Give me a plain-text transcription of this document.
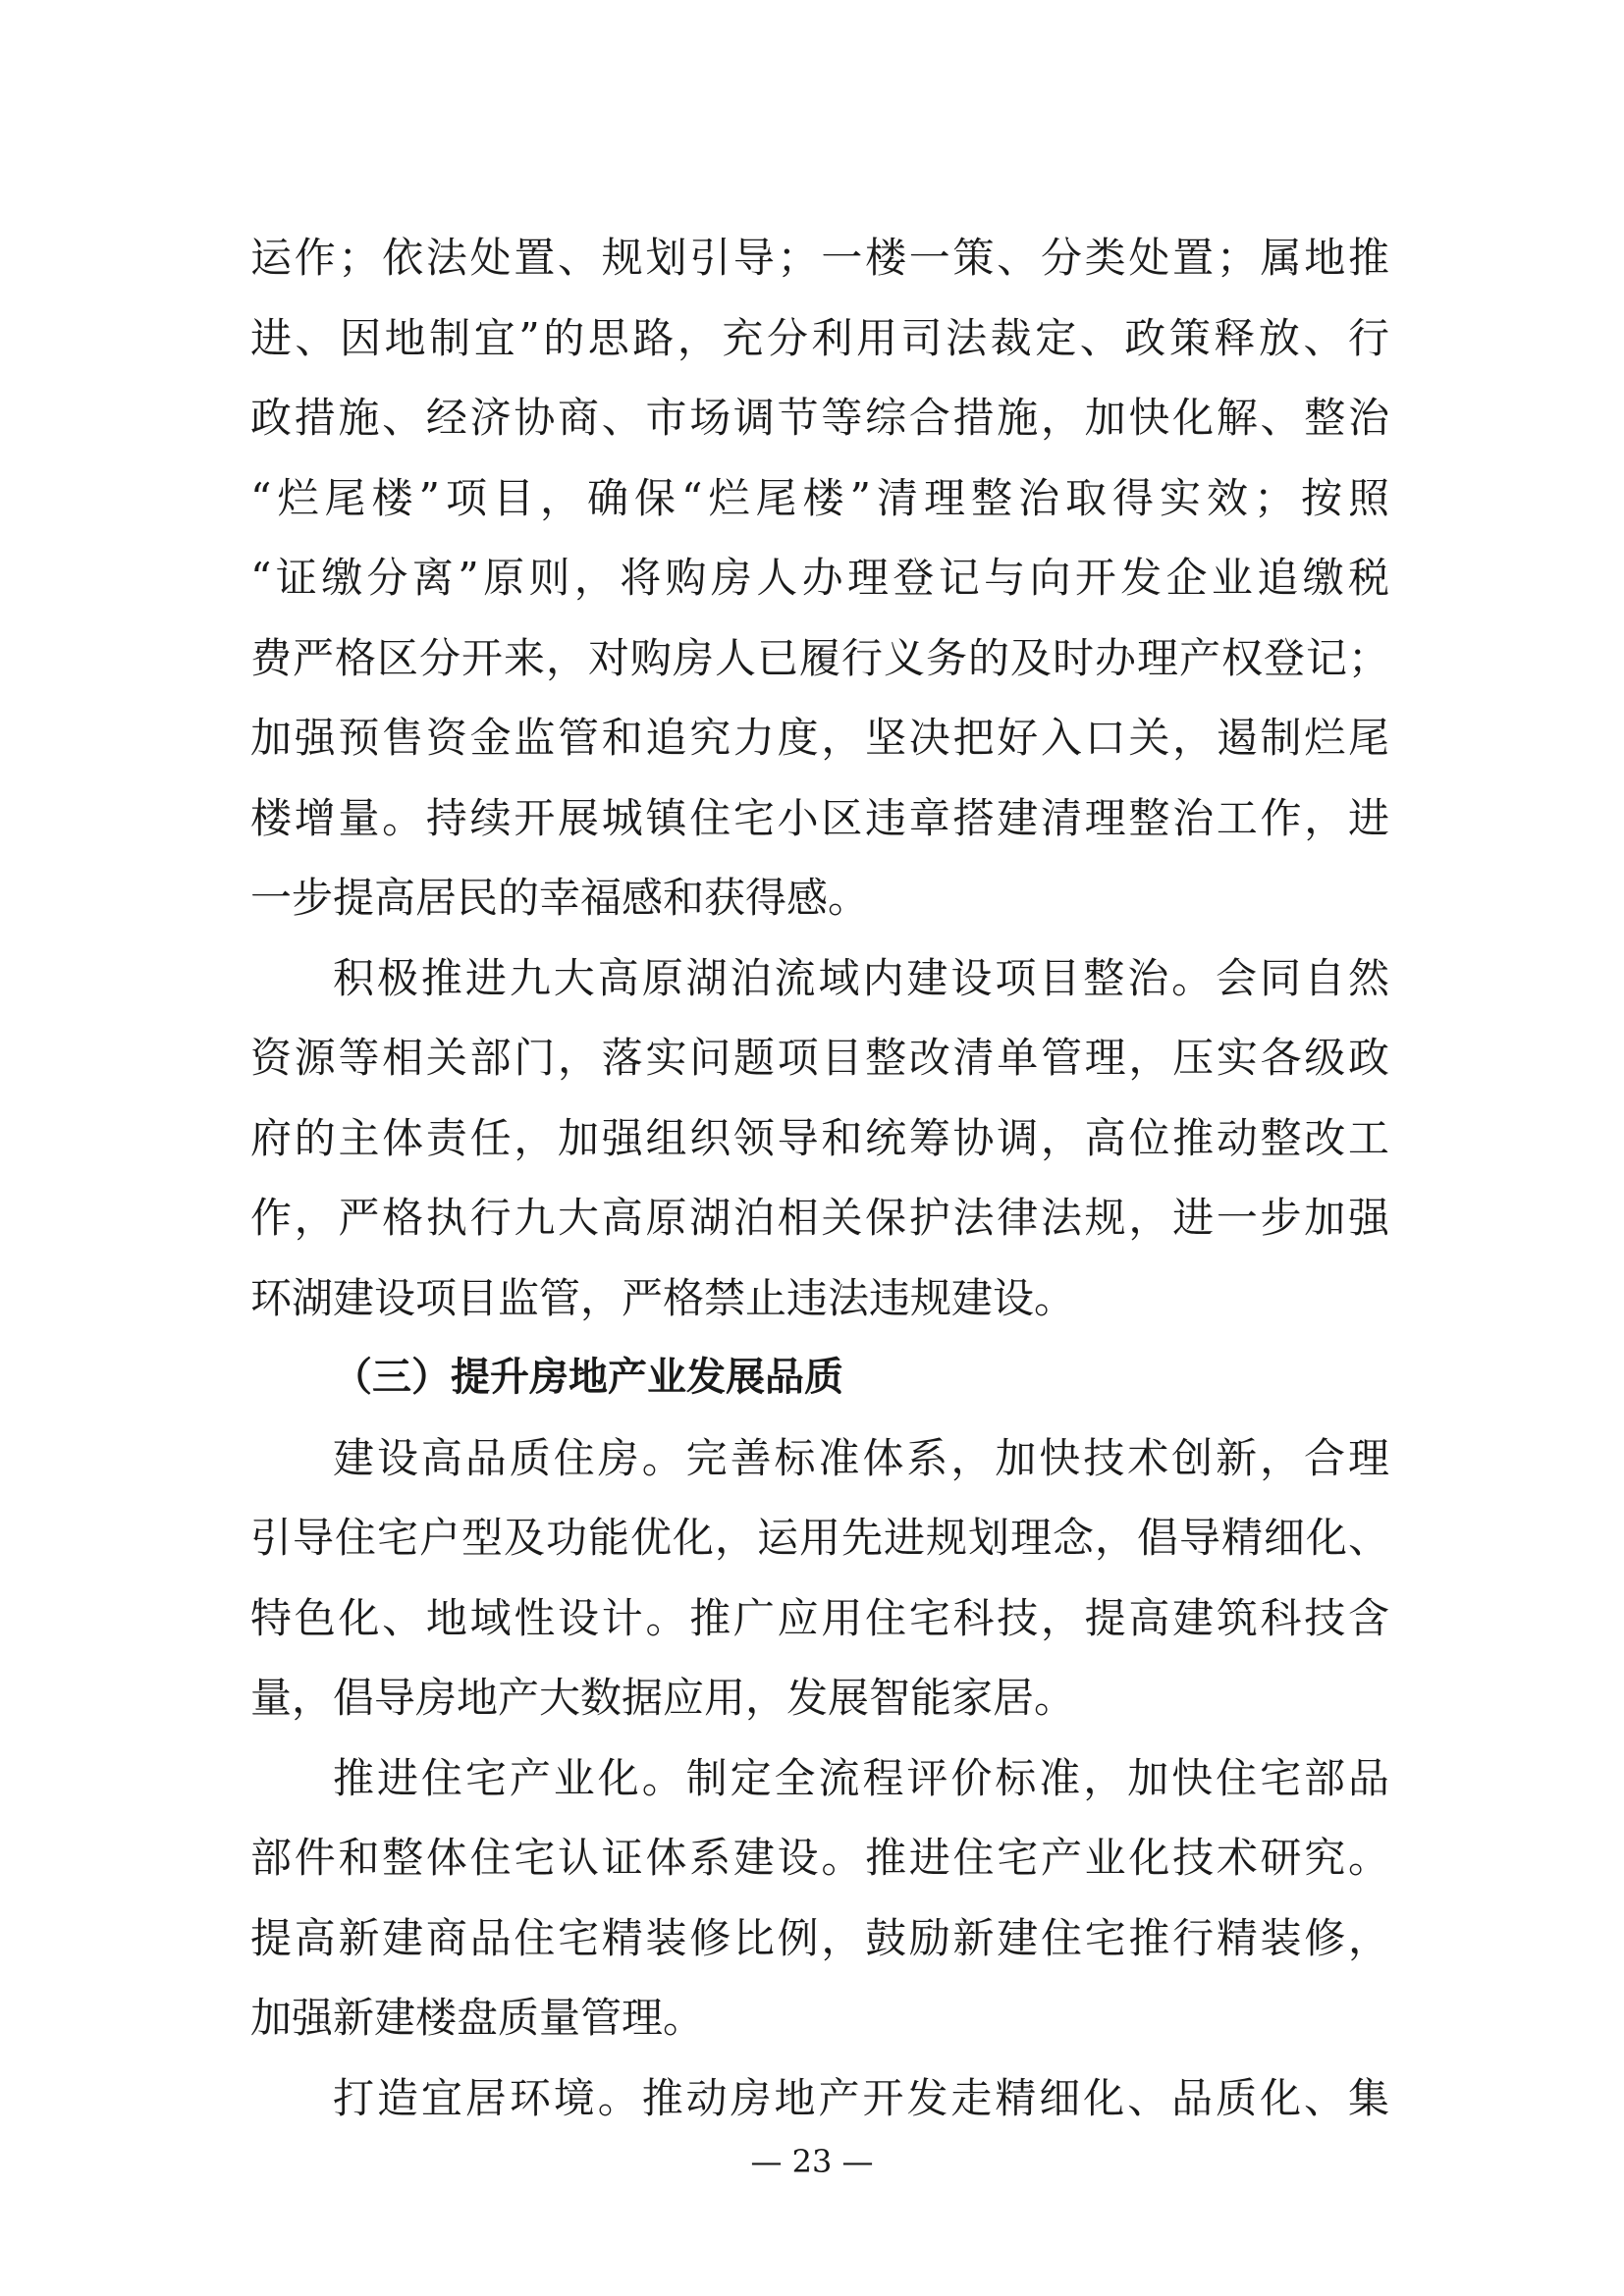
运作；依法处置、规划引导；一楼一策、分类处置；属地推
进、因地制宜”的思路，充分利用司法裁定、政策释放、行
政措施、经济协商、市场调节等综合措施，加快化解、整治
“烂尾楼”项目，确保“烂尾楼”清理整治取得实效；按照
“证缴分离”原则，将购房人办理登记与向开发企业追缴税
费严格区分开来，对购房人已履行义务的及时办理产权登记；
加强预售资金监管和追究力度，坚决把好入口关，遏制烂尾
楼增量。持续开展城镇住宅小区违章搭建清理整治工作，进
一步提高居民的幸福感和获得感。
积极推进九大高原湖泊流域内建设项目整治。会同自然
资源等相关部门，落实问题项目整改清单管理，压实各级政
府的主体责任，加强组织领导和统筹协调，高位推动整改工
作，严格执行九大高原湖泊相关保护法律法规，进一步加强
环湖建设项目监管，严格禁止违法违规建设。
（三）提升房地产业发展品质
建设高品质住房。完善标准体系，加快技术创新，合理
引导住宅户型及功能优化，运用先进规划理念，倡导精细化、
特色化、地域性设计。推广应用住宅科技，提高建筑科技含
量，倡导房地产大数据应用，发展智能家居。
推进住宅产业化。制定全流程评价标准，加快住宅部品
部件和整体住宅认证体系建设。推进住宅产业化技术研究。
提高新建商品住宅精装修比例，鼓励新建住宅推行精装修，
加强新建楼盘质量管理。
打造宜居环境。推动房地产开发走精细化、品质化、集
— 23 —
